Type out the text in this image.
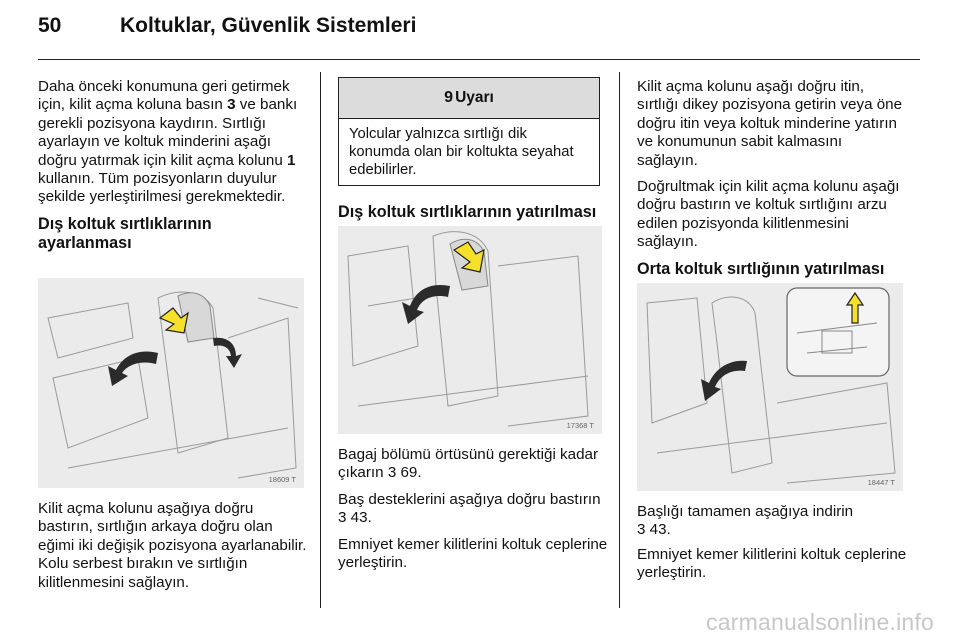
50	Koltuklar, Güvenlik Sistemleri

Daha önceki konumuna geri getirmek için, kilit açma koluna basın 3 ve bankı gerekli pozisyona kaydırın. Sırtlığı ayarlayın ve koltuk minderini aşağı doğru yatırmak için kilit açma kolunu 1 kullanın. Tüm pozisyonların duyulur şekilde yerleştirilmesi gerekmektedir.

Dış koltuk sırtlıklarının ayarlanması
18609 T

Kilit açma kolunu aşağıya doğru bastırın, sırtlığın arkaya doğru olan eğimi iki değişik pozisyona ayarlanabilir. Kolu serbest bırakın ve sırtlığın kilitlenmesini sağlayın.

9 Uyarı
Yolcular yalnızca sırtlığı dik konumda olan bir koltukta seyahat edebilirler.
Dış koltuk sırtlıklarının yatırılması
17368 T

Bagaj bölümü örtüsünü gerektiği kadar çıkarın 3 69.

Baş desteklerini aşağıya doğru bastırın 3 43.

Emniyet kemer kilitlerini koltuk ceplerine yerleştirin.

Kilit açma kolunu aşağı doğru itin, sırtlığı dikey pozisyona getirin veya öne doğru itin veya koltuk minderine yatırın ve konumunun sabit kalmasını sağlayın.

Doğrultmak için kilit açma kolunu aşağı doğru bastırın ve koltuk sırtlığını arzu edilen pozisyonda kilitlenmesini sağlayın.

Orta koltuk sırtlığının yatırılması
18447 T

Başlığı tamamen aşağıya indirin
3 43.

Emniyet kemer kilitlerini koltuk ceplerine yerleştirin.

carmanualsonline.info
